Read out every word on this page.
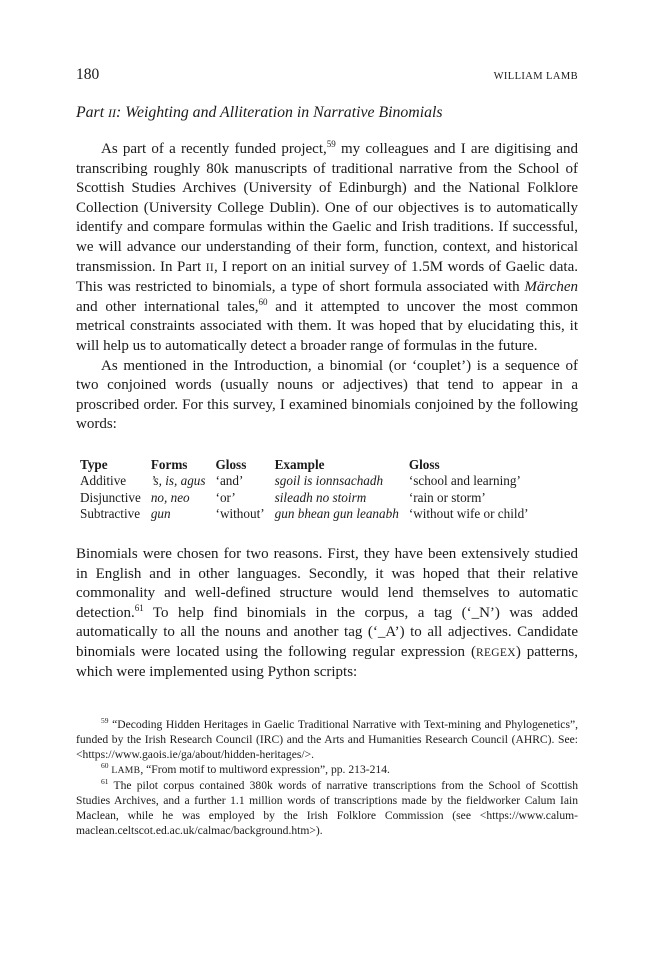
180	WILLIAM LAMB
Part II: Weighting and Alliteration in Narrative Binomials

As part of a recently funded project,$^{59}$ my colleagues and I are digitising and transcribing roughly 80k manuscripts of traditional narrative from the School of Scottish Studies Archives (University of Edinburgh) and the National Folklore Collection (University College Dublin). One of our objectives is to automatically identify and compare formulas within the Gaelic and Irish traditions. If successful, we will advance our understanding of their form, function, context, and historical transmission. In Part II, I report on an initial survey of 1.5M words of Gaelic data. This was restricted to binomials, a type of short formula associated with Märchen and other international tales,$^{60}$ and it attempted to uncover the most common metrical constraints associated with them. It was hoped that by elucidating this, it will help us to automatically detect a broader range of formulas in the future.

As mentioned in the Introduction, a binomial (or ‘couplet’) is a sequence of two conjoined words (usually nouns or adjectives) that tend to appear in a proscribed order. For this survey, I examined binomials conjoined by the following words:

Type	Forms	Gloss	Example	Gloss
Additive	’s, is, agus	‘and’	sgoil is ionnsachadh	‘school and learning’
Disjunctive	no, neo	‘or’	sileadh no stoirm	‘rain or storm’
Subtractive	gun	‘without’	gun bhean gun leanabh	‘without wife or child’

Binomials were chosen for two reasons. First, they have been extensively studied in English and in other languages. Secondly, it was hoped that their relative commonality and well-defined structure would lend themselves to automatic detection.$^{61}$ To help find binomials in the corpus, a tag (‘_N’) was added automatically to all the nouns and another tag (‘_A’) to all adjectives. Candidate binomials were located using the following regular expression (REGEX) patterns, which were implemented using Python scripts:

$^{59}$ “Decoding Hidden Heritages in Gaelic Traditional Narrative with Text-mining and Phylogenetics”, funded by the Irish Research Council (IRC) and the Arts and Humanities Research Council (AHRC). See: <https://www.gaois.ie/ga/about/hidden-heritages/>.

$^{60}$ LAMB, “From motif to multiword expression”, pp. 213-214.

$^{61}$ The pilot corpus contained 380k words of narrative transcriptions from the School of Scottish Studies Archives, and a further 1.1 million words of transcriptions made by the fieldworker Calum Iain Maclean, while he was employed by the Irish Folklore Commission (see <https://www.calum-maclean.celtscot.ed.ac.uk/calmac/background.htm>).
